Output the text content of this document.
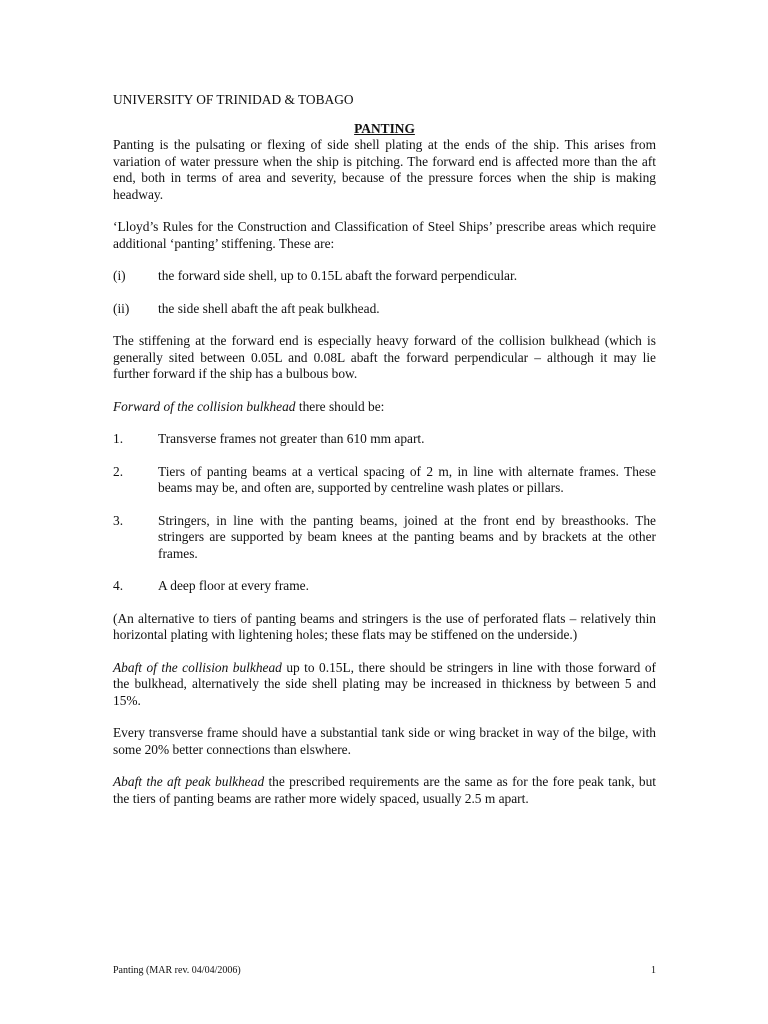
UNIVERSITY OF TRINIDAD & TOBAGO
PANTING

Panting is the pulsating or flexing of side shell plating at the ends of the ship. This arises from variation of water pressure when the ship is pitching. The forward end is affected more than the aft end, both in terms of area and severity, because of the pressure forces when the ship is making headway.

‘Lloyd’s Rules for the Construction and Classification of Steel Ships’ prescribe areas which require additional ‘panting’ stiffening. These are:

(i)	the forward side shell, up to 0.15L abaft the forward perpendicular.
(ii)	the side shell abaft the aft peak bulkhead.

The stiffening at the forward end is especially heavy forward of the collision bulkhead (which is generally sited between 0.05L and 0.08L abaft the forward perpendicular – although it may lie further forward if the ship has a bulbous bow.

Forward of the collision bulkhead there should be:

1.	Transverse frames not greater than 610 mm apart.
2.	Tiers of panting beams at a vertical spacing of 2 m, in line with alternate frames. These beams may be, and often are, supported by centreline wash plates or pillars.
3.	Stringers, in line with the panting beams, joined at the front end by breasthooks. The stringers are supported by beam knees at the panting beams and by brackets at the other frames.
4.	A deep floor at every frame.

(An alternative to tiers of panting beams and stringers is the use of perforated flats – relatively thin horizontal plating with lightening holes; these flats may be stiffened on the underside.)

Abaft of the collision bulkhead up to 0.15L, there should be stringers in line with those forward of the bulkhead, alternatively the side shell plating may be increased in thickness by between 5 and 15%.

Every transverse frame should have a substantial tank side or wing bracket in way of the bilge, with some 20% better connections than elswhere.

Abaft the aft peak bulkhead the prescribed requirements are the same as for the fore peak tank, but the tiers of panting beams are rather more widely spaced, usually 2.5 m apart.

Panting (MAR rev. 04/04/2006)	1
